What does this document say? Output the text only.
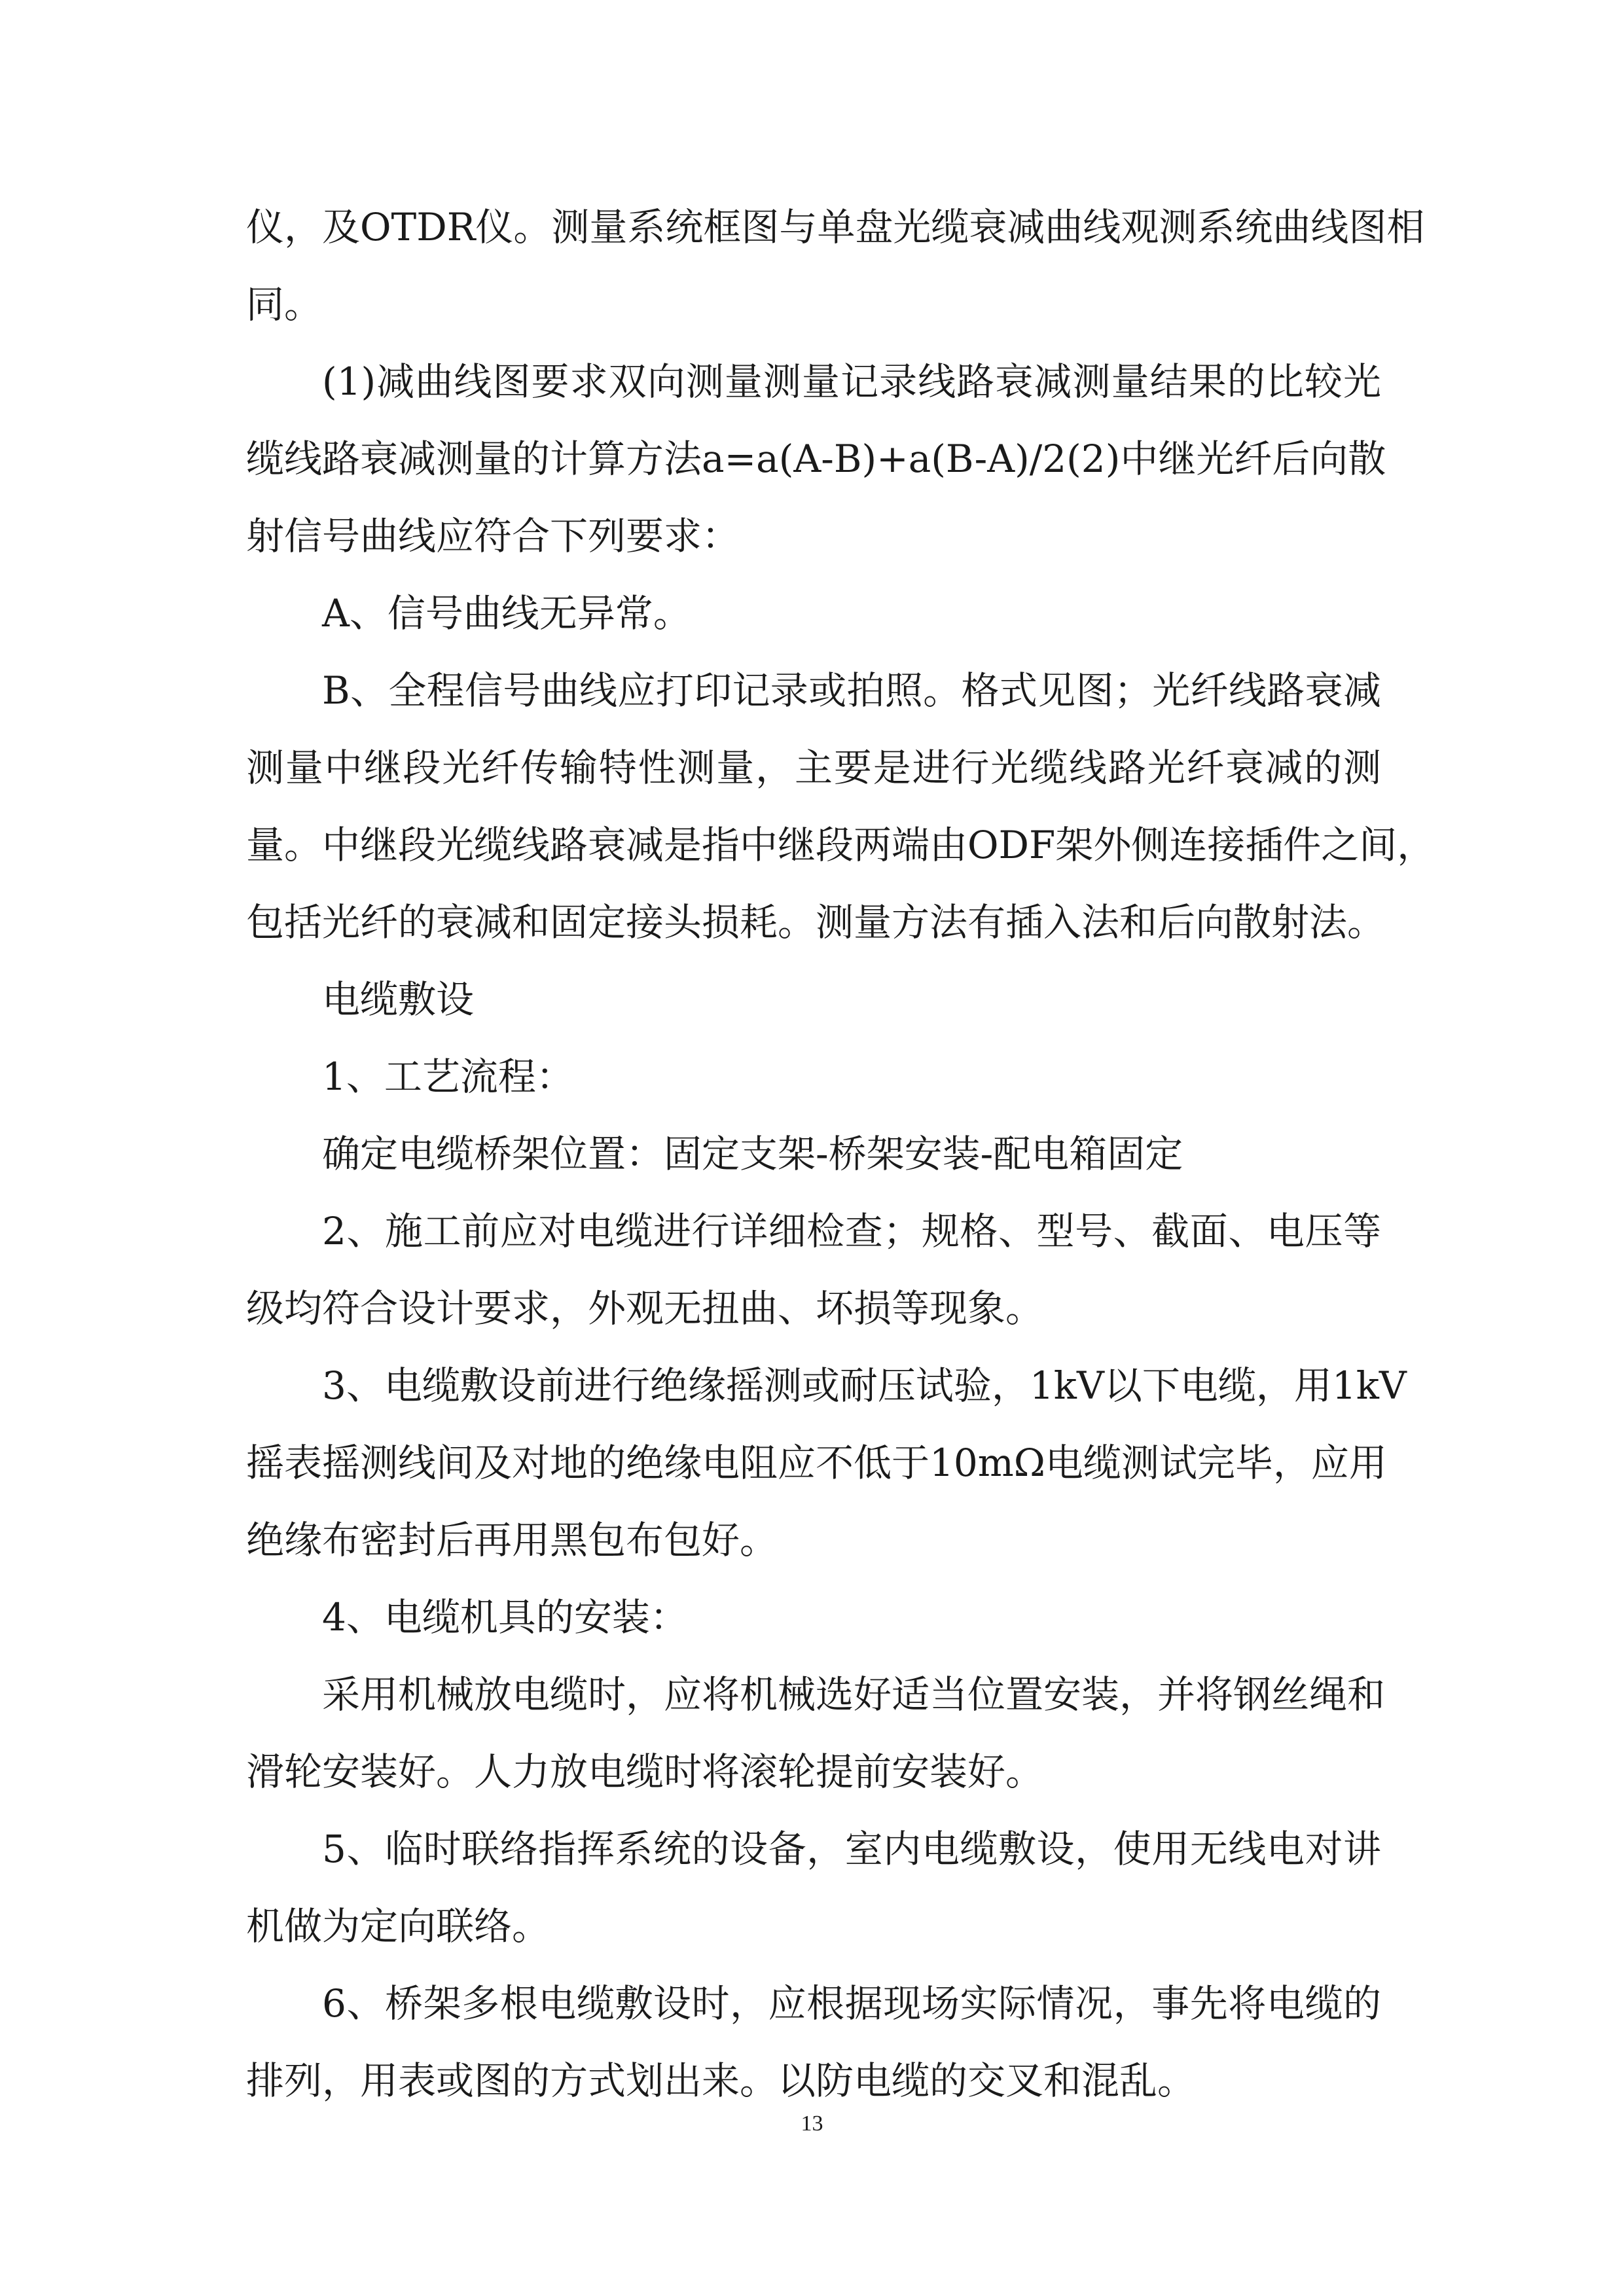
仪，及OTDR仪。测量系统框图与单盘光缆衰减曲线观测系统曲线图相
同。
(1)减曲线图要求双向测量测量记录线路衰减测量结果的比较光
缆线路衰减测量的计算方法a=a(A-B)+a(B-A)/2(2)中继光纤后向散
射信号曲线应符合下列要求：
A、信号曲线无异常。
B、全程信号曲线应打印记录或拍照。格式见图；光纤线路衰减
测量中继段光纤传输特性测量，主要是进行光缆线路光纤衰减的测
量。中继段光缆线路衰减是指中继段两端由ODF架外侧连接插件之间，
包括光纤的衰减和固定接头损耗。测量方法有插入法和后向散射法。
电缆敷设
1、工艺流程：
确定电缆桥架位置：固定支架-桥架安装-配电箱固定
2、施工前应对电缆进行详细检查；规格、型号、截面、电压等
级均符合设计要求，外观无扭曲、坏损等现象。
3、电缆敷设前进行绝缘摇测或耐压试验，1kV以下电缆，用1kV
摇表摇测线间及对地的绝缘电阻应不低于10mΩ电缆测试完毕，应用
绝缘布密封后再用黑包布包好。
4、电缆机具的安装：
采用机械放电缆时，应将机械选好适当位置安装，并将钢丝绳和
滑轮安装好。人力放电缆时将滚轮提前安装好。
5、临时联络指挥系统的设备，室内电缆敷设，使用无线电对讲
机做为定向联络。
6、桥架多根电缆敷设时，应根据现场实际情况，事先将电缆的
排列，用表或图的方式划出来。以防电缆的交叉和混乱。
13
